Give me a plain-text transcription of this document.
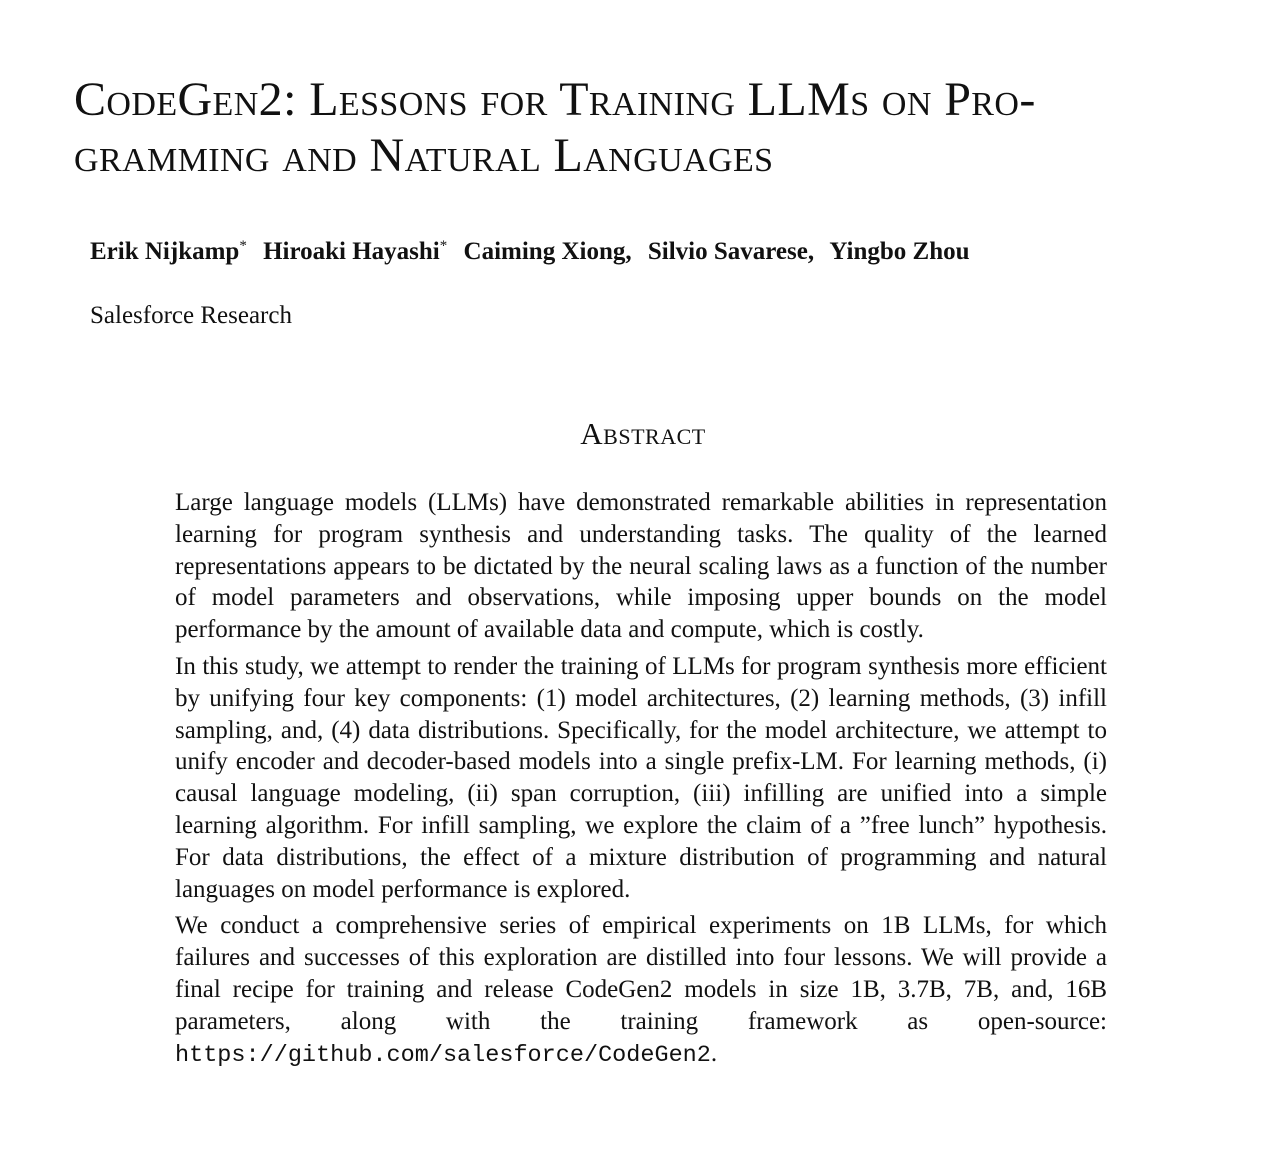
CodeGen2: Lessons for Training LLMs on Pro-
gramming and Natural Languages
Erik Nijkamp* Hiroaki Hayashi* Caiming Xiong, Silvio Savarese, Yingbo Zhou
Salesforce Research
Abstract

Large language models (LLMs) have demonstrated remarkable abilities in representation learning for program synthesis and understanding tasks. The quality of the learned representations appears to be dictated by the neural scaling laws as a function of the number of model parameters and observations, while imposing upper bounds on the model performance by the amount of available data and compute, which is costly.

In this study, we attempt to render the training of LLMs for program synthesis more efficient by unifying four key components: (1) model architectures, (2) learning methods, (3) infill sampling, and, (4) data distributions. Specifically, for the model architecture, we attempt to unify encoder and decoder-based models into a single prefix-LM. For learning methods, (i) causal language modeling, (ii) span corruption, (iii) infilling are unified into a simple learning algorithm. For infill sampling, we explore the claim of a ”free lunch” hypothesis. For data distributions, the effect of a mixture distribution of programming and natural languages on model performance is explored.

We conduct a comprehensive series of empirical experiments on 1B LLMs, for which failures and successes of this exploration are distilled into four lessons. We will provide a final recipe for training and release CodeGen2 models in size 1B, 3.7B, 7B, and, 16B parameters, along with the training framework as open-source: https://github.com/salesforce/CodeGen2.
